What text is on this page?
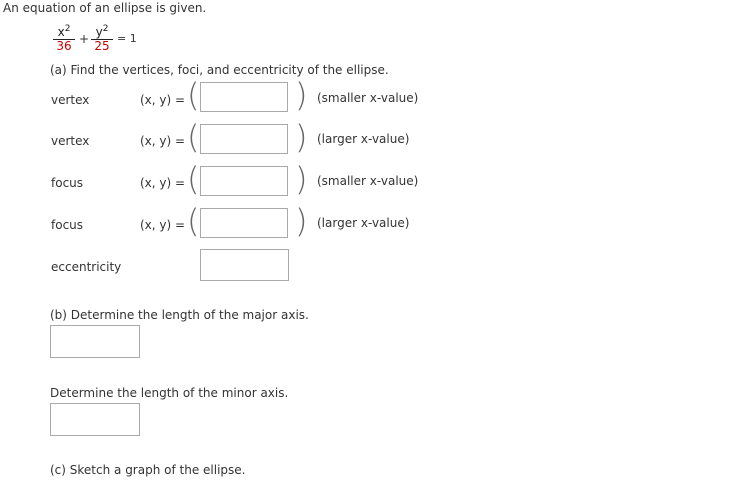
An equation of an ellipse is given.
$\frac{x^2}{36} + \frac{y^2}{25} = 1$
(a) Find the vertices, foci, and eccentricity of the ellipse.
vertex	(x, y) = (	) (smaller x-value)
vertex	(x, y) = (	) (larger x-value)
focus	(x, y) = (	) (smaller x-value)
focus	(x, y) = (	) (larger x-value)
eccentricity
(b) Determine the length of the major axis.
Determine the length of the minor axis.
(c) Sketch a graph of the ellipse.
